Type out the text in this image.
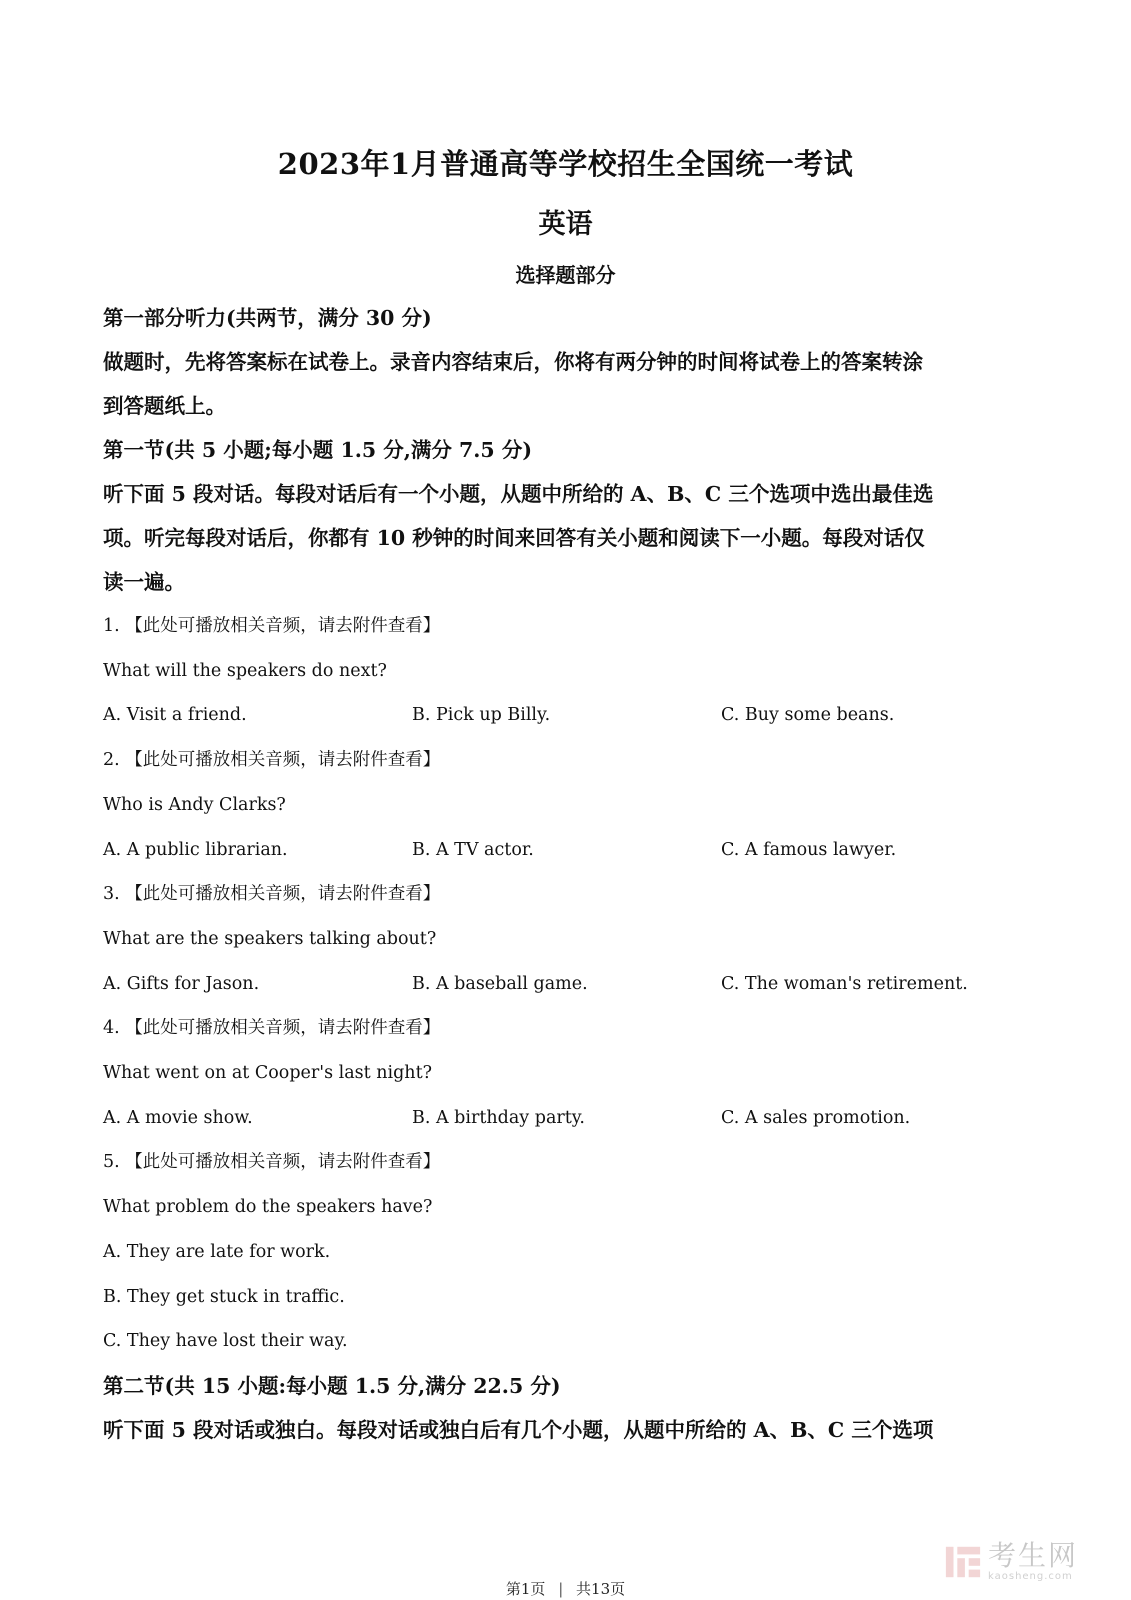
2023年1月普通高等学校招生全国统一考试
英语
选择题部分

第一部分听力(共两节，满分 30 分)

做题时，先将答案标在试卷上。录音内容结束后，你将有两分钟的时间将试卷上的答案转涂

到答题纸上。

第一节(共 5 小题;每小题 1.5 分,满分 7.5 分)

听下面 5 段对话。每段对话后有一个小题，从题中所给的 A、B、C 三个选项中选出最佳选

项。听完每段对话后，你都有 10 秒钟的时间来回答有关小题和阅读下一小题。每段对话仅

读一遍。

1. 【此处可播放相关音频，请去附件查看】

What will the speakers do next?

A. Visit a friend.	B. Pick up Billy.	C. Buy some beans.

2. 【此处可播放相关音频，请去附件查看】

Who is Andy Clarks?

A. A public librarian.	B. A TV actor.	C. A famous lawyer.

3. 【此处可播放相关音频，请去附件查看】

What are the speakers talking about?

A. Gifts for Jason.	B. A baseball game.	C. The woman's retirement.

4. 【此处可播放相关音频，请去附件查看】

What went on at Cooper's last night?

A. A movie show.	B. A birthday party.	C. A sales promotion.

5. 【此处可播放相关音频，请去附件查看】

What problem do the speakers have?

A. They are late for work.

B. They get stuck in traffic.

C. They have lost their way.

第二节(共 15 小题:每小题 1.5 分,满分 22.5 分)

听下面 5 段对话或独白。每段对话或独白后有几个小题，从题中所给的 A、B、C 三个选项

考生网
kaosheng.com
第1页 | 共13页
